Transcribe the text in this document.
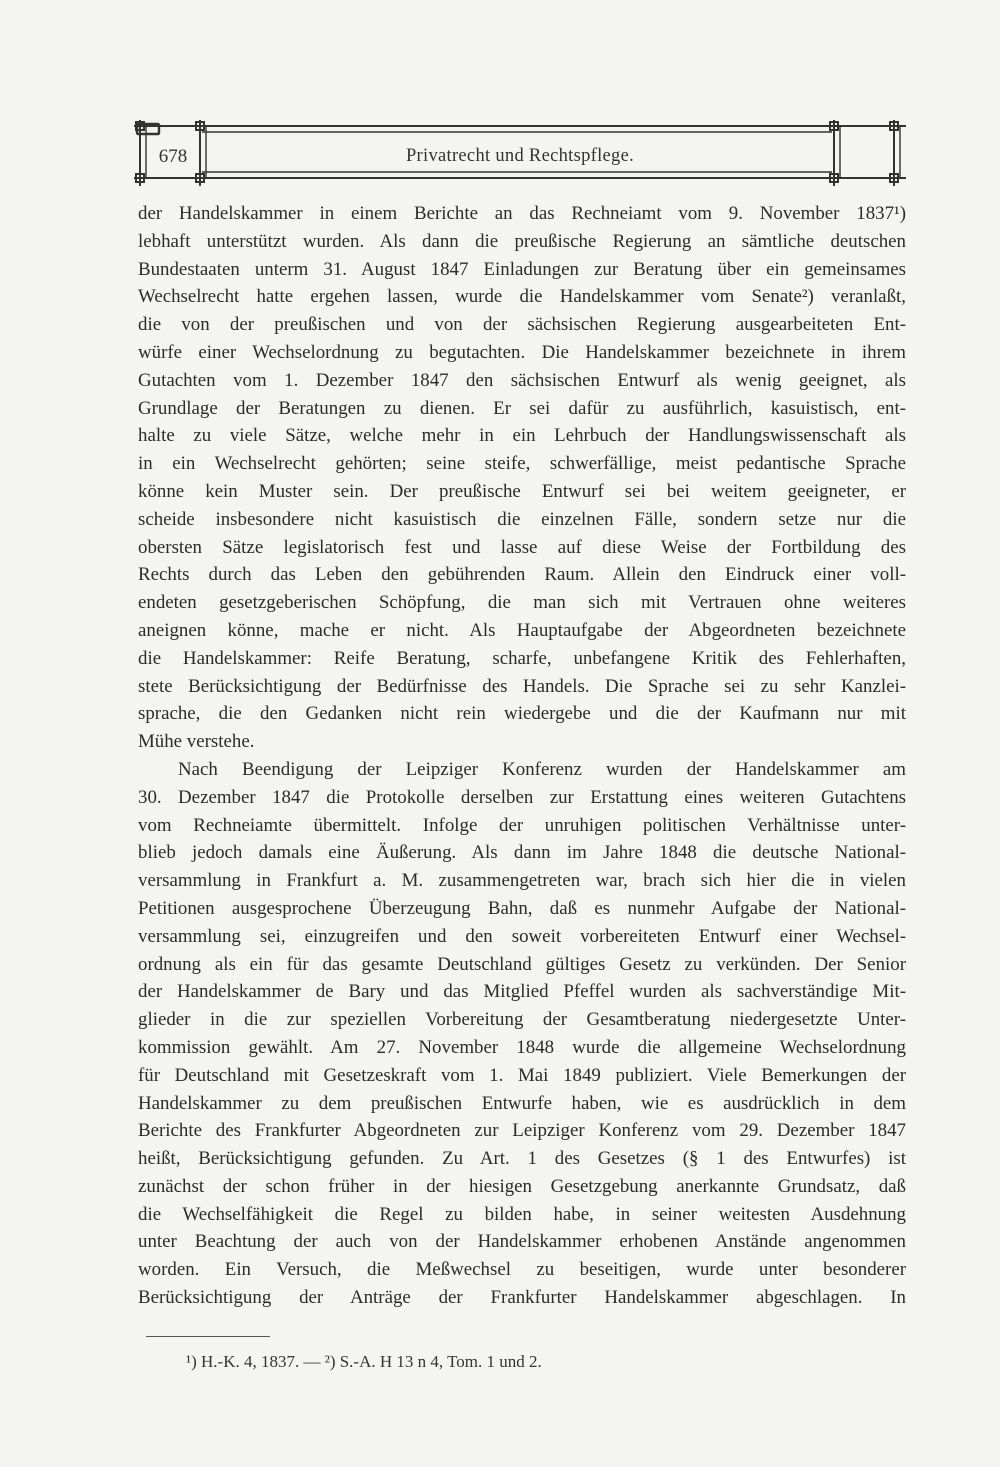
678	Privatrecht und Rechtspflege.
der Handelskammer in einem Berichte an das Rechneiamt vom 9. November 1837¹)
lebhaft unterstützt wurden. Als dann die preußische Regierung an sämtliche deutschen
Bundestaaten unterm 31. August 1847 Einladungen zur Beratung über ein gemeinsames
Wechselrecht hatte ergehen lassen, wurde die Handelskammer vom Senate²) veranlaßt,
die von der preußischen und von der sächsischen Regierung ausgearbeiteten Ent-
würfe einer Wechselordnung zu begutachten. Die Handelskammer bezeichnete in ihrem
Gutachten vom 1. Dezember 1847 den sächsischen Entwurf als wenig geeignet, als
Grundlage der Beratungen zu dienen. Er sei dafür zu ausführlich, kasuistisch, ent-
halte zu viele Sätze, welche mehr in ein Lehrbuch der Handlungswissenschaft als
in ein Wechselrecht gehörten; seine steife, schwerfällige, meist pedantische Sprache
könne kein Muster sein. Der preußische Entwurf sei bei weitem geeigneter, er
scheide insbesondere nicht kasuistisch die einzelnen Fälle, sondern setze nur die
obersten Sätze legislatorisch fest und lasse auf diese Weise der Fortbildung des
Rechts durch das Leben den gebührenden Raum. Allein den Eindruck einer voll-
endeten gesetzgeberischen Schöpfung, die man sich mit Vertrauen ohne weiteres
aneignen könne, mache er nicht. Als Hauptaufgabe der Abgeordneten bezeichnete
die Handelskammer: Reife Beratung, scharfe, unbefangene Kritik des Fehlerhaften,
stete Berücksichtigung der Bedürfnisse des Handels. Die Sprache sei zu sehr Kanzlei-
sprache, die den Gedanken nicht rein wiedergebe und die der Kaufmann nur mit
Mühe verstehe.
Nach Beendigung der Leipziger Konferenz wurden der Handelskammer am
30. Dezember 1847 die Protokolle derselben zur Erstattung eines weiteren Gutachtens
vom Rechneiamte übermittelt. Infolge der unruhigen politischen Verhältnisse unter-
blieb jedoch damals eine Äußerung. Als dann im Jahre 1848 die deutsche National-
versammlung in Frankfurt a. M. zusammengetreten war, brach sich hier die in vielen
Petitionen ausgesprochene Überzeugung Bahn, daß es nunmehr Aufgabe der National-
versammlung sei, einzugreifen und den soweit vorbereiteten Entwurf einer Wechsel-
ordnung als ein für das gesamte Deutschland gültiges Gesetz zu verkünden. Der Senior
der Handelskammer de Bary und das Mitglied Pfeffel wurden als sachverständige Mit-
glieder in die zur speziellen Vorbereitung der Gesamtberatung niedergesetzte Unter-
kommission gewählt. Am 27. November 1848 wurde die allgemeine Wechselordnung
für Deutschland mit Gesetzeskraft vom 1. Mai 1849 publiziert. Viele Bemerkungen der
Handelskammer zu dem preußischen Entwurfe haben, wie es ausdrücklich in dem
Berichte des Frankfurter Abgeordneten zur Leipziger Konferenz vom 29. Dezember 1847
heißt, Berücksichtigung gefunden. Zu Art. 1 des Gesetzes (§ 1 des Entwurfes) ist
zunächst der schon früher in der hiesigen Gesetzgebung anerkannte Grundsatz, daß
die Wechselfähigkeit die Regel zu bilden habe, in seiner weitesten Ausdehnung
unter Beachtung der auch von der Handelskammer erhobenen Anstände angenommen
worden. Ein Versuch, die Meßwechsel zu beseitigen, wurde unter besonderer
Berücksichtigung der Anträge der Frankfurter Handelskammer abgeschlagen. In
¹) H.-K. 4, 1837. — ²) S.-A. H 13 n 4, Tom. 1 und 2.
